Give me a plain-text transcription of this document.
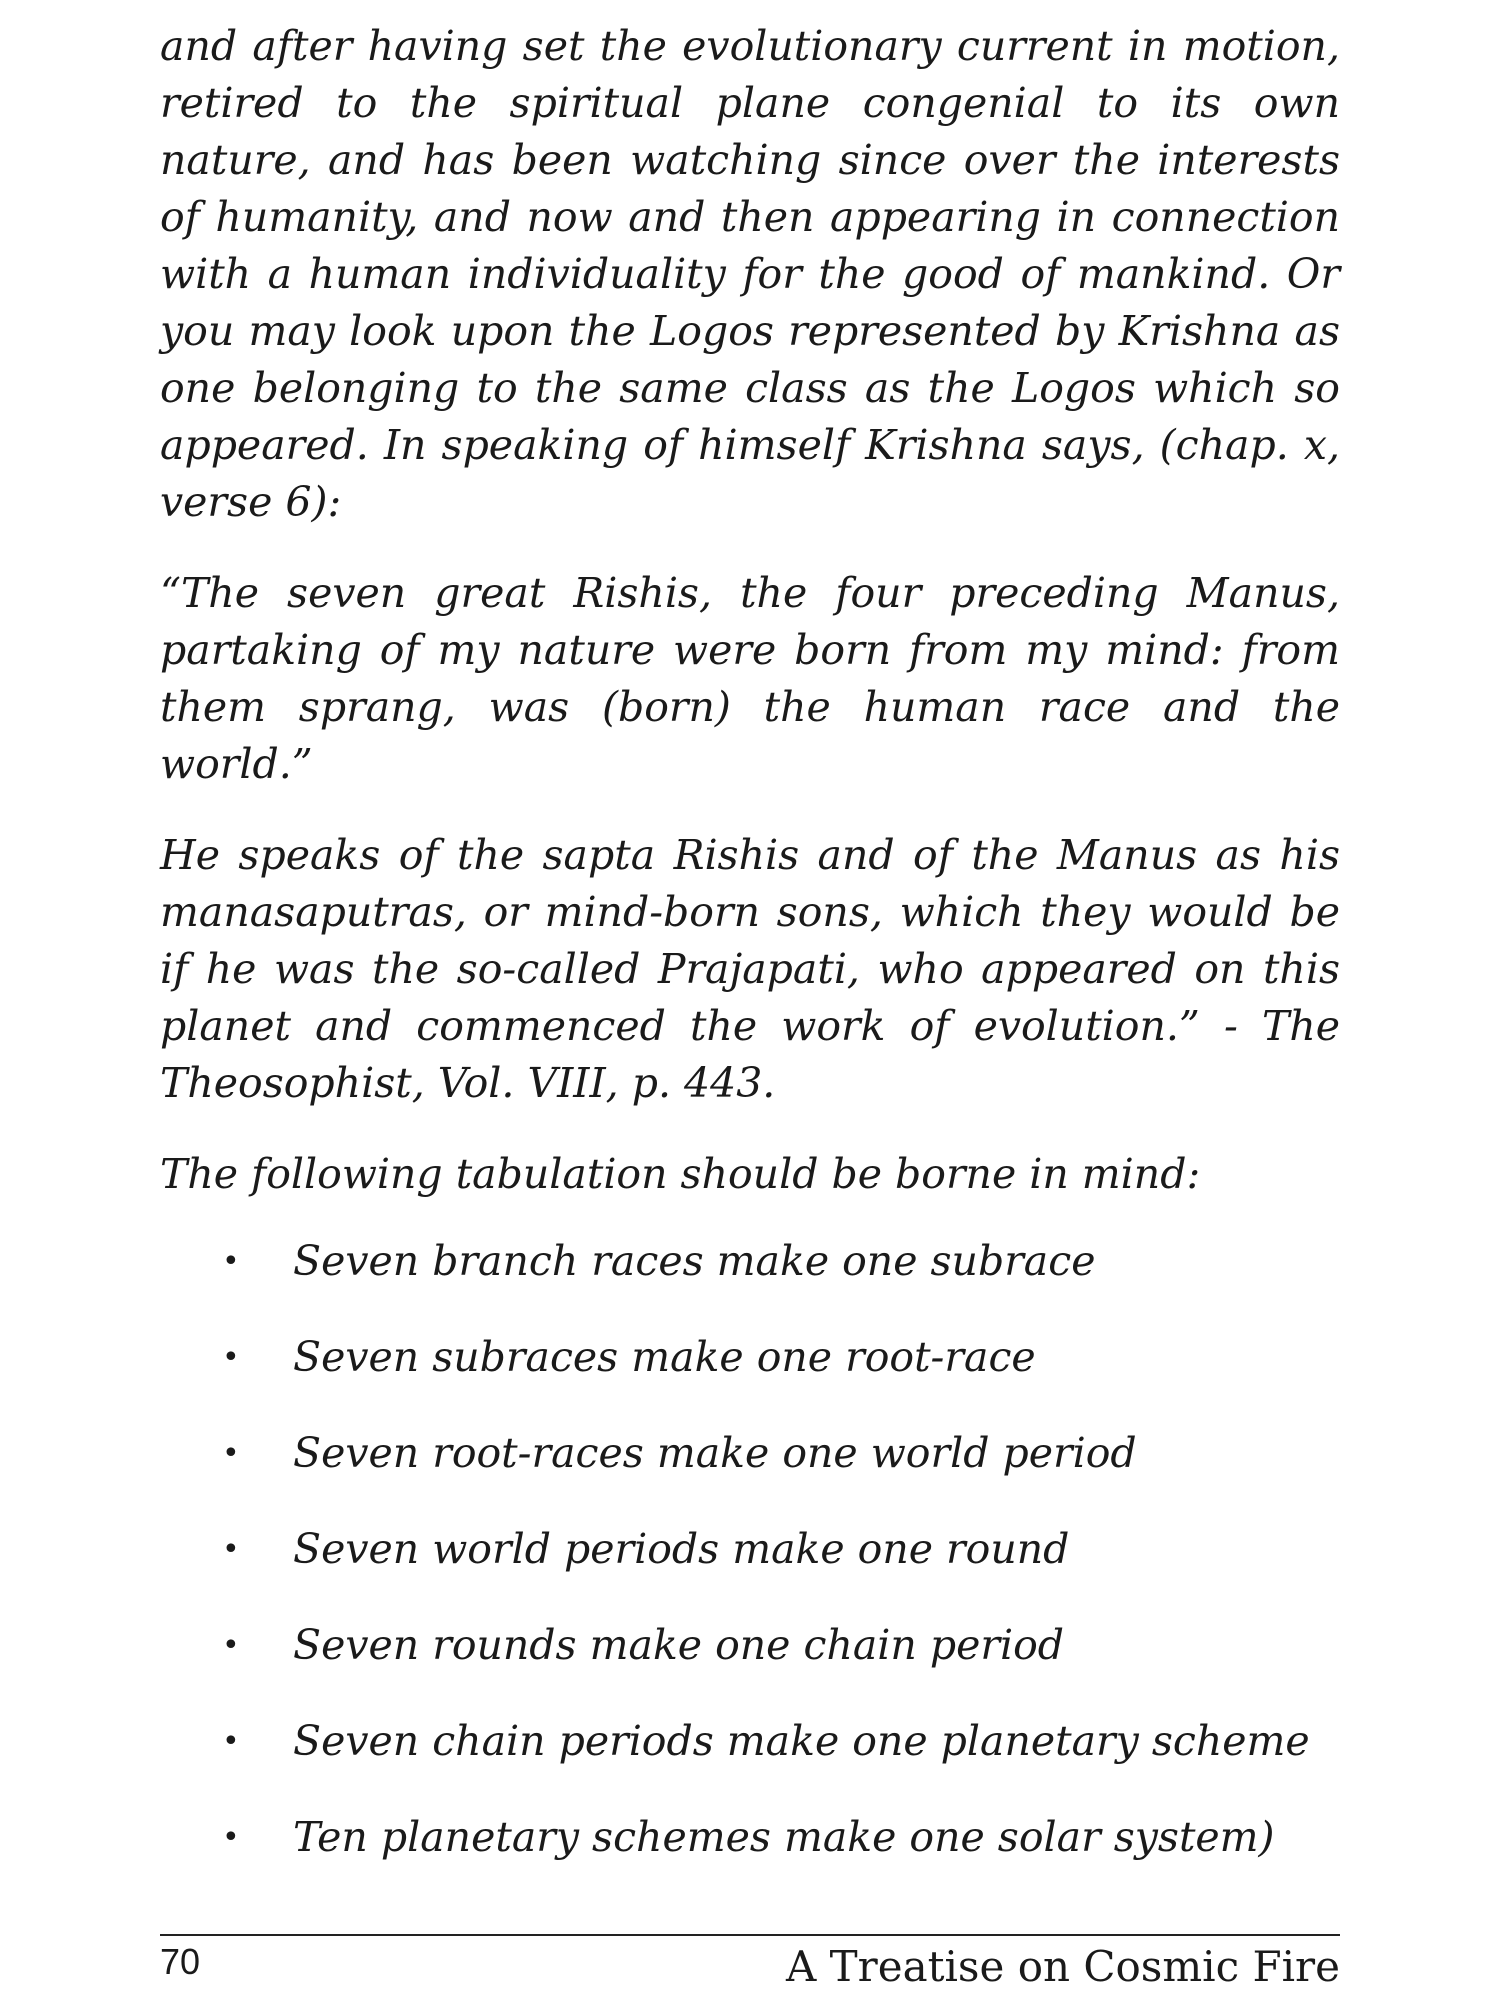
and after having set the evolutionary current in motion, retired to the spiritual plane congenial to its own nature, and has been watching since over the interests of humanity, and now and then appearing in connection with a human individuality for the good of mankind. Or you may look upon the Logos represented by Krishna as one belonging to the same class as the Logos which so appeared. In speaking of himself Krishna says, (chap. x, verse 6):

“The seven great Rishis, the four preceding Manus, partaking of my nature were born from my mind: from them sprang, was (born) the human race and the world.”

He speaks of the sapta Rishis and of the Manus as his manasaputras, or mind-born sons, which they would be if he was the so-called Prajapati, who appeared on this planet and commenced the work of evolution.” - The Theosophist, Vol. VIII, p. 443.

The following tabulation should be borne in mind:

• Seven branch races make one subrace
• Seven subraces make one root-race
• Seven root-races make one world period
• Seven world periods make one round
• Seven rounds make one chain period
• Seven chain periods make one planetary scheme
• Ten planetary schemes make one solar system)
70	A Treatise on Cosmic Fire
